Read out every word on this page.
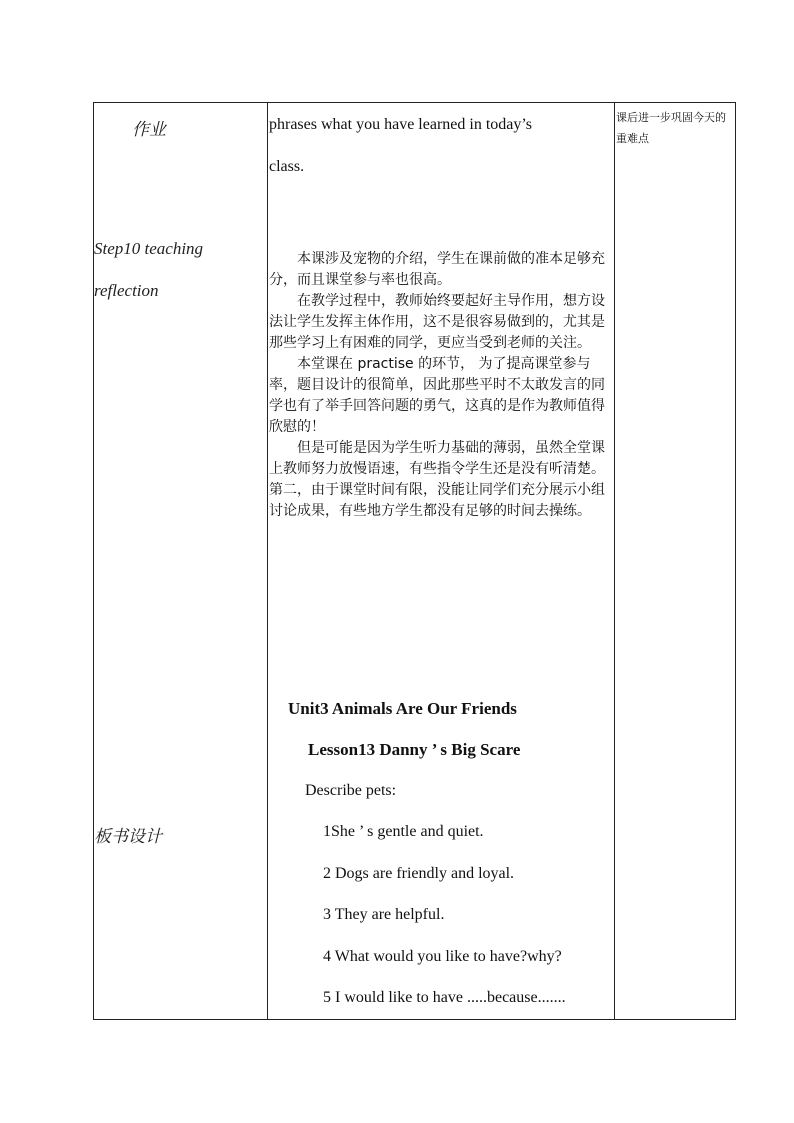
作业
Step10 teaching
reflection
板书设计
phrases what you have learned in today’s
class.

本课涉及宠物的介绍，学生在课前做的准本足够充分，而且课堂参与率也很高。

在教学过程中，教师始终要起好主导作用，想方设法让学生发挥主体作用，这不是很容易做到的，尤其是那些学习上有困难的同学，更应当受到老师的关注。

本堂课在 practise 的环节， 为了提高课堂参与率，题目设计的很简单，因此那些平时不太敢发言的同学也有了举手回答问题的勇气，这真的是作为教师值得欣慰的！

但是可能是因为学生听力基础的薄弱，虽然全堂课上教师努力放慢语速，有些指令学生还是没有听清楚。第二，由于课堂时间有限，没能让同学们充分展示小组讨论成果，有些地方学生都没有足够的时间去操练。

Unit3 Animals Are Our Friends
Lesson13 Danny ’ s Big Scare
Describe pets:
1She ’ s gentle and quiet.
2 Dogs are friendly and loyal.
3 They are helpful.
4 What would you like to have?why?
5 I would like to have .....because.......
课后进一步巩固今天的重难点
